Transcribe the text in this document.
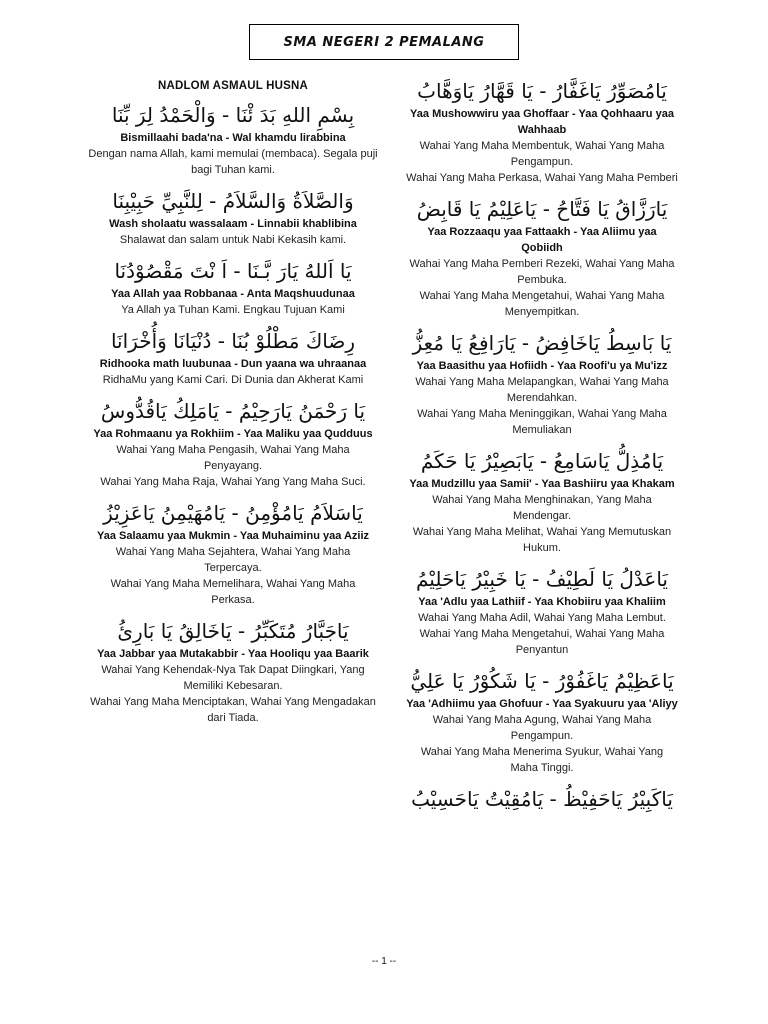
SMA NEGERI 2 PEMALANG
NADLOM ASMAUL HUSNA
بِسْمِ اللهِ بَدَ ئْنَا - وَالْحَمْدُ لِرَ بِّنَا
Bismillaahi bada'na - Wal khamdu lirabbina
Dengan nama Allah, kami memulai (membaca). Segala puji bagi Tuhan kami.
وَالصَّلاَةُ وَالسَّلاَمُ - لِلنَّبِيِّ حَبِيْبِنَا
Wash sholaatu wassalaam - Linnabii khablibina
Shalawat dan salam untuk Nabi Kekasih kami.
يَا اَللهُ يَارَ بَّـنَا - اَ نْتَ مَقْصُوْدُنَا
Yaa Allah yaa Robbanaa - Anta Maqshuudunaa
Ya Allah ya Tuhan Kami. Engkau Tujuan Kami
رِضَاكَ مَطْلُوْ بُنَا - دُنْيَانَا وَأُخْرَانَا
Ridhooka math luubunaa - Dun yaana wa uhraanaa
RidhaMu yang Kami Cari. Di Dunia dan Akherat Kami
يَا رَحْمَنُ يَارَحِيْمُ - يَامَلِكُ يَاقُدُّوسُ
Yaa Rohmaanu ya Rokhiim - Yaa Maliku yaa Qudduus
Wahai Yang Maha Pengasih, Wahai Yang Maha Penyayang.
Wahai Yang Maha Raja, Wahai Yang Yang Maha Suci.
يَاسَلاَمُ يَامُؤْمِنُ - يَامُهَيْمِنُ يَاعَزِيْزُ
Yaa Salaamu yaa Mukmin - Yaa Muhaiminu yaa Aziiz
Wahai Yang Maha Sejahtera, Wahai Yang Maha Terpercaya.
Wahai Yang Maha Memelihara, Wahai Yang Maha Perkasa.
يَاجَبَّارُ مُتَكَبِّرُ - يَاخَالِقُ يَا بَارِئُ
Yaa Jabbar yaa Mutakabbir - Yaa Hooliqu yaa Baarik
Wahai Yang Kehendak-Nya Tak Dapat Diingkari, Yang Memiliki Kebesaran.
Wahai Yang Maha Menciptakan, Wahai Yang Mengadakan dari Tiada.
يَامُصَوِّرُ يَاغَفَّارُ - يَا قَهَّارُ يَاوَهَّابُ
Yaa Mushowwiru yaa Ghoffaar - Yaa Qohhaaru yaa Wahhaab
Wahai Yang Maha Membentuk, Wahai Yang Maha Pengampun.
Wahai Yang Maha Perkasa, Wahai Yang Maha Pemberi
يَارَزَّاقُ يَا فَتَّاحُ - يَاعَلِيْمُ يَا قَابِضُ
Yaa Rozzaaqu yaa Fattaakh - Yaa Aliimu yaa Qobiidh
Wahai Yang Maha Pemberi Rezeki, Wahai Yang Maha Pembuka.
Wahai Yang Maha Mengetahui, Wahai Yang Maha Menyempitkan.
يَا بَاسِطُ يَاخَافِضُ - يَارَافِعُ يَا مُعِزُّ
Yaa Baasithu yaa Hofiidh - Yaa Roofi'u ya Mu'izz
Wahai Yang Maha Melapangkan, Wahai Yang Maha Merendahkan.
Wahai Yang Maha Meninggikan, Wahai Yang Maha Memuliakan
يَامُذِلُّ يَاسَامِعُ - يَابَصِيْرُ يَا حَكَمُ
Yaa Mudzillu yaa Samii' - Yaa Bashiiru yaa Khakam
Wahai Yang Maha Menghinakan, Yang Maha Mendengar.
Wahai Yang Maha Melihat, Wahai Yang Memutuskan Hukum.
يَاعَدْلُ يَا لَطِيْفُ - يَا خَبِيْرُ يَاحَلِيْمُ
Yaa 'Adlu yaa Lathiif - Yaa Khobiiru yaa Khaliim
Wahai Yang Maha Adil, Wahai Yang Maha Lembut.
Wahai Yang Maha Mengetahui, Wahai Yang Maha Penyantun
يَاعَظِيْمُ يَاغَفُوْرُ - يَا شَكُوْرُ يَا عَلِيُّ
Yaa 'Adhiimu yaa Ghofuur - Yaa Syakuuru yaa 'Aliyy
Wahai Yang Maha Agung, Wahai Yang Maha Pengampun.
Wahai Yang Maha Menerima Syukur, Wahai Yang Maha Tinggi.
يَاكَبِيْرُ يَاحَفِيْظُ - يَامُقِيْتُ يَاحَسِيْبُ
-- 1 --
